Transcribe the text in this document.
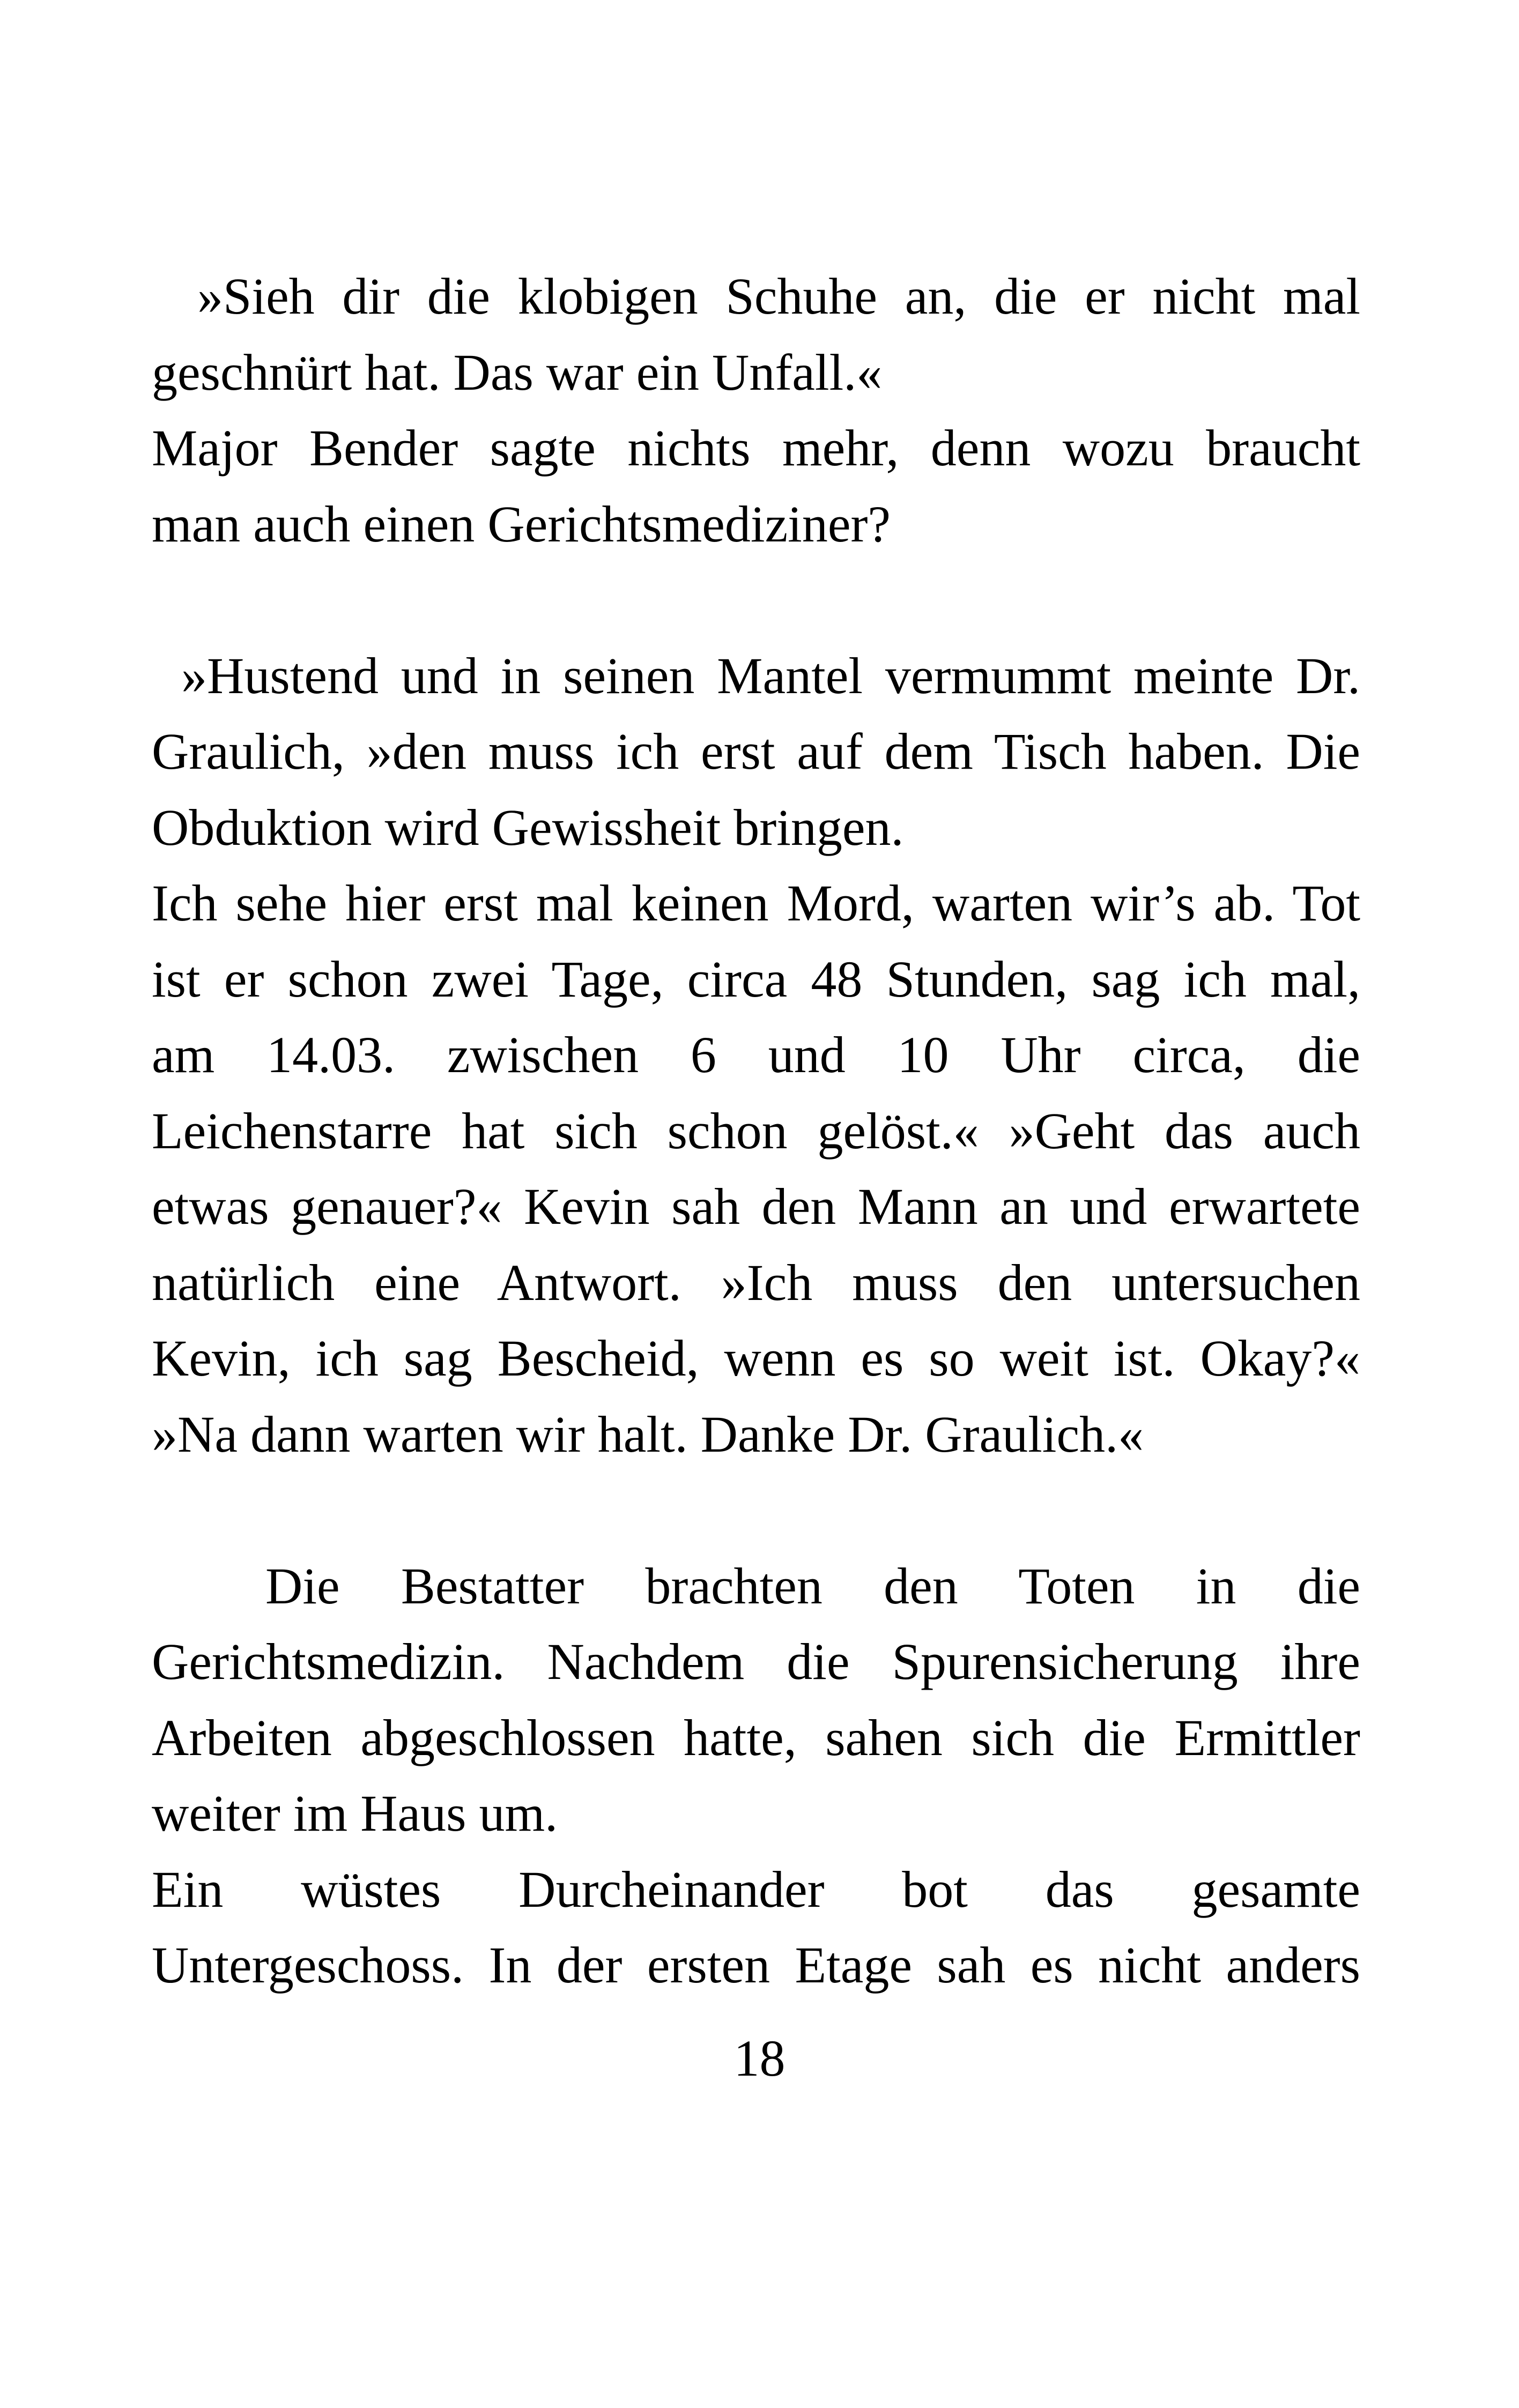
»Sieh dir die klobigen Schuhe an, die er nicht mal
geschnürt hat. Das war ein Unfall.«
Major Bender sagte nichts mehr, denn wozu braucht
man auch einen Gerichtsmediziner?
»Hustend und in seinen Mantel vermummt meinte Dr.
Graulich, »den muss ich erst auf dem Tisch haben. Die
Obduktion wird Gewissheit bringen.
Ich sehe hier erst mal keinen Mord, warten wir’s ab. Tot
ist er schon zwei Tage, circa 48 Stunden, sag ich mal,
am 14.03. zwischen 6 und 10 Uhr circa, die
Leichenstarre hat sich schon gelöst.« »Geht das auch
etwas genauer?« Kevin sah den Mann an und erwartete
natürlich eine Antwort. »Ich muss den untersuchen
Kevin, ich sag Bescheid, wenn es so weit ist. Okay?«
»Na dann warten wir halt. Danke Dr. Graulich.«
Die Bestatter brachten den Toten in die
Gerichtsmedizin. Nachdem die Spurensicherung ihre
Arbeiten abgeschlossen hatte, sahen sich die Ermittler
weiter im Haus um.
Ein wüstes Durcheinander bot das gesamte
Untergeschoss. In der ersten Etage sah es nicht anders
18
